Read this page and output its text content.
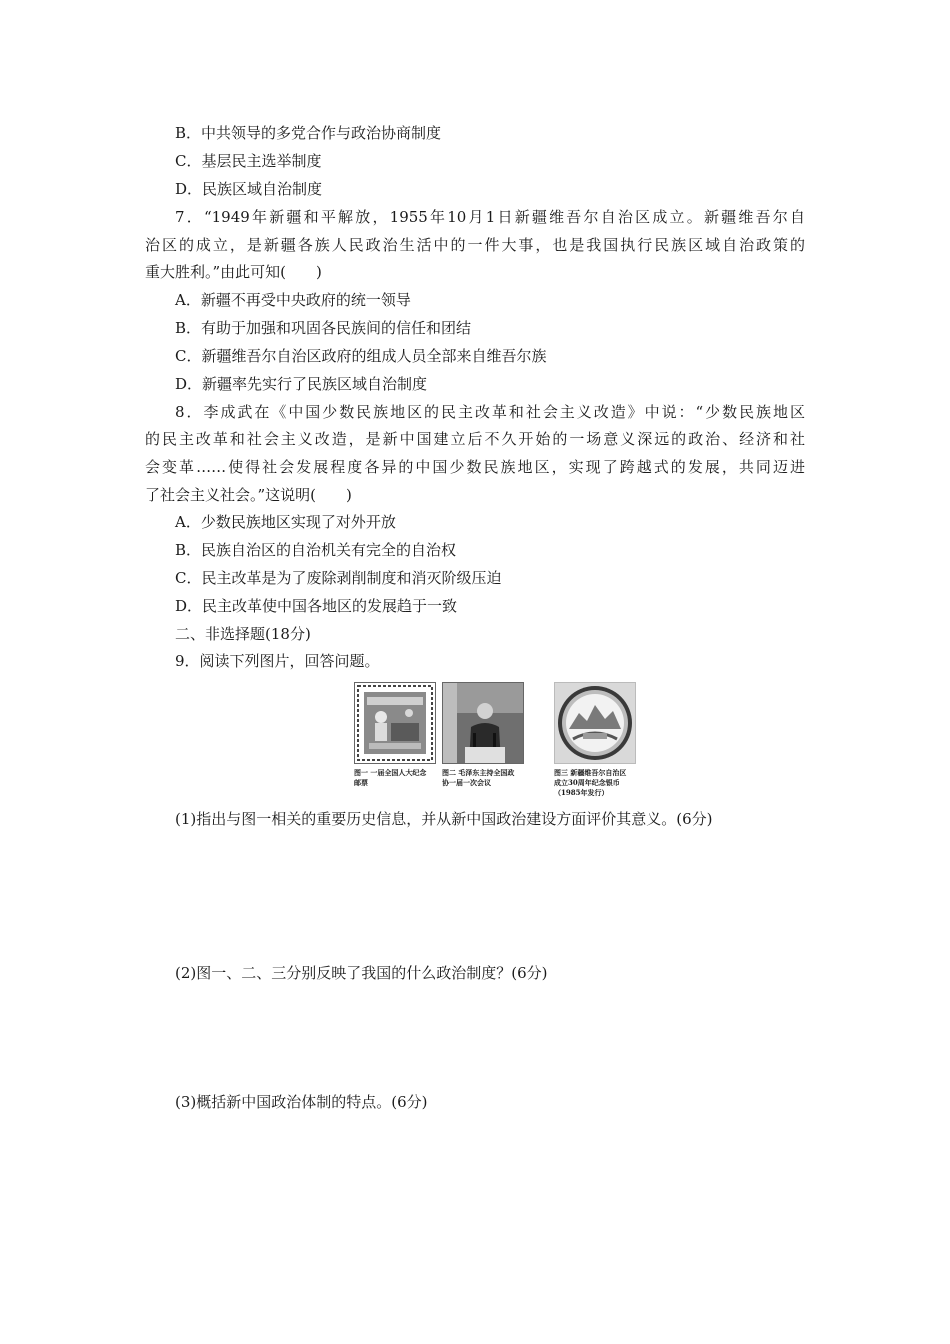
B．中共领导的多党合作与政治协商制度
C．基层民主选举制度
D．民族区域自治制度
7．“1949年新疆和平解放，1955年10月1日新疆维吾尔自治区成立。新疆维吾尔自
治区的成立，是新疆各族人民政治生活中的一件大事，也是我国执行民族区域自治政策的
重大胜利。”由此可知(　　)
A．新疆不再受中央政府的统一领导
B．有助于加强和巩固各民族间的信任和团结
C．新疆维吾尔自治区政府的组成人员全部来自维吾尔族
D．新疆率先实行了民族区域自治制度
8．李成武在《中国少数民族地区的民主改革和社会主义改造》中说：“少数民族地区
的民主改革和社会主义改造，是新中国建立后不久开始的一场意义深远的政治、经济和社
会变革……使得社会发展程度各异的中国少数民族地区，实现了跨越式的发展，共同迈进
了社会主义社会。”这说明(　　)
A．少数民族地区实现了对外开放
B．民族自治区的自治机关有完全的自治权
C．民主改革是为了废除剥削制度和消灭阶级压迫
D．民主改革使中国各地区的发展趋于一致
二、非选择题(18分)
9．阅读下列图片，回答问题。
图一 一届全国人大纪念邮票
图二 毛泽东主持全国政协一届一次会议
图三 新疆维吾尔自治区成立30周年纪念银币（1985年发行）
(1)指出与图一相关的重要历史信息，并从新中国政治建设方面评价其意义。(6分)
(2)图一、二、三分别反映了我国的什么政治制度？(6分)
(3)概括新中国政治体制的特点。(6分)
